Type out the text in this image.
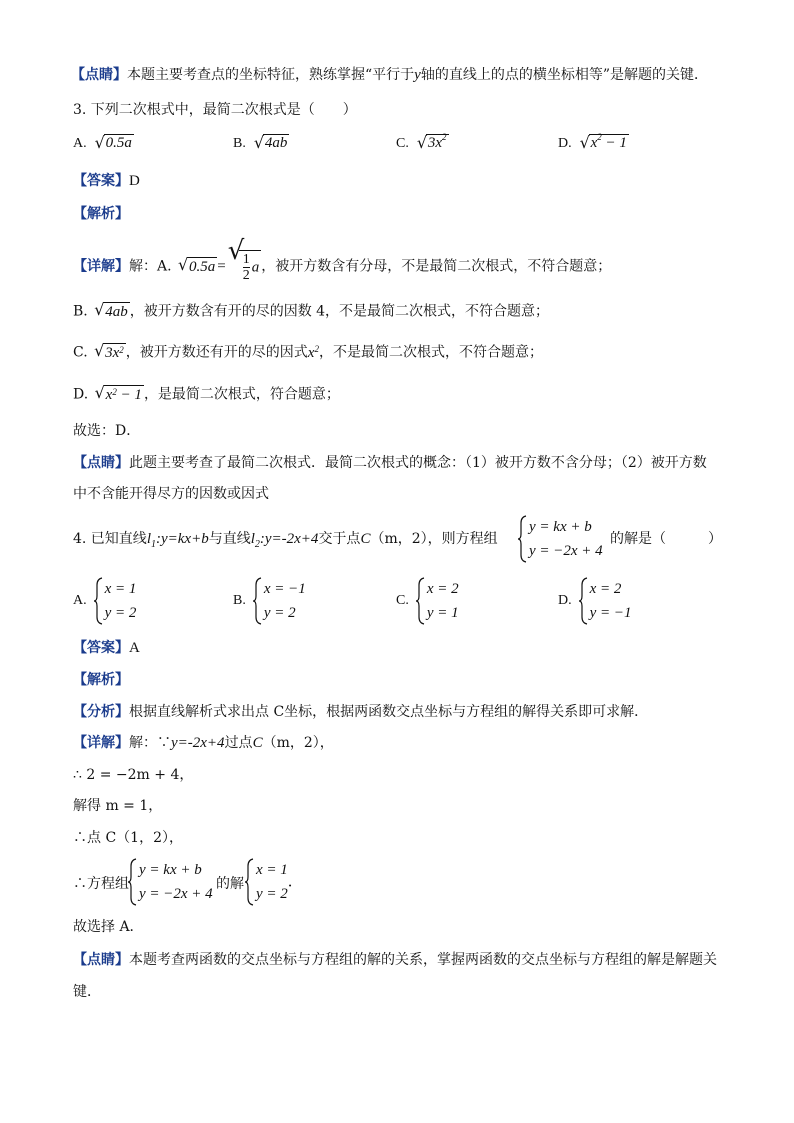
【点睛】本题主要考查点的坐标特征，熟练掌握“平行于y轴的直线上的点的横坐标相等”是解题的关键．
3. 下列二次根式中，最简二次根式是（　　）
A. √ 0.5a	B. √ 4ab	C. √ $3x^2$	D. √ $x^2 - 1$
【答案】D
【解析】
【详解】解：A. √ 0.5a =
√
$\frac{1}{2}$ a ，被开方数含有分母，不是最简二次根式，不符合题意；
B. √ 4ab ，被开方数含有开的尽的因数 4，不是最简二次根式，不符合题意；
C. √ $3x^2$ ，被开方数还有开的尽的因式$x^2$，不是最简二次根式，不符合题意；
D. √ $x^2 - 1$ ，是最简二次根式，符合题意；
故选：D．
【点睛】此题主要考查了最简二次根式．最简二次根式的概念：（1）被开方数不含分母；（2）被开方数
中不含能开得尽方的因数或因式
4. 已知直线$l_1:y=kx+b$与直线$l_2:y=-2x+4$交于点C（m，2），则方程组
y = kx + b
y = −2x + 4
的解是（　　　）
A.
x = 1
y = 2
B.
x = −1
y = 2
C.
x = 2
y = 1
D.
x = 2
y = −1
【答案】A
【解析】
【分析】根据直线解析式求出点 C坐标，根据两函数交点坐标与方程组的解得关系即可求解．
【详解】解：∵y=-2x+4过点C（m，2），
∴ 2 = −2m + 4，
解得 m = 1，
∴点 C（1，2），
∴方程组
y = kx + b
y = −2x + 4
的解
x = 1
y = 2
．
故选择 A．
【点睛】本题考查两函数的交点坐标与方程组的解的关系，掌握两函数的交点坐标与方程组的解是解题关
键．
